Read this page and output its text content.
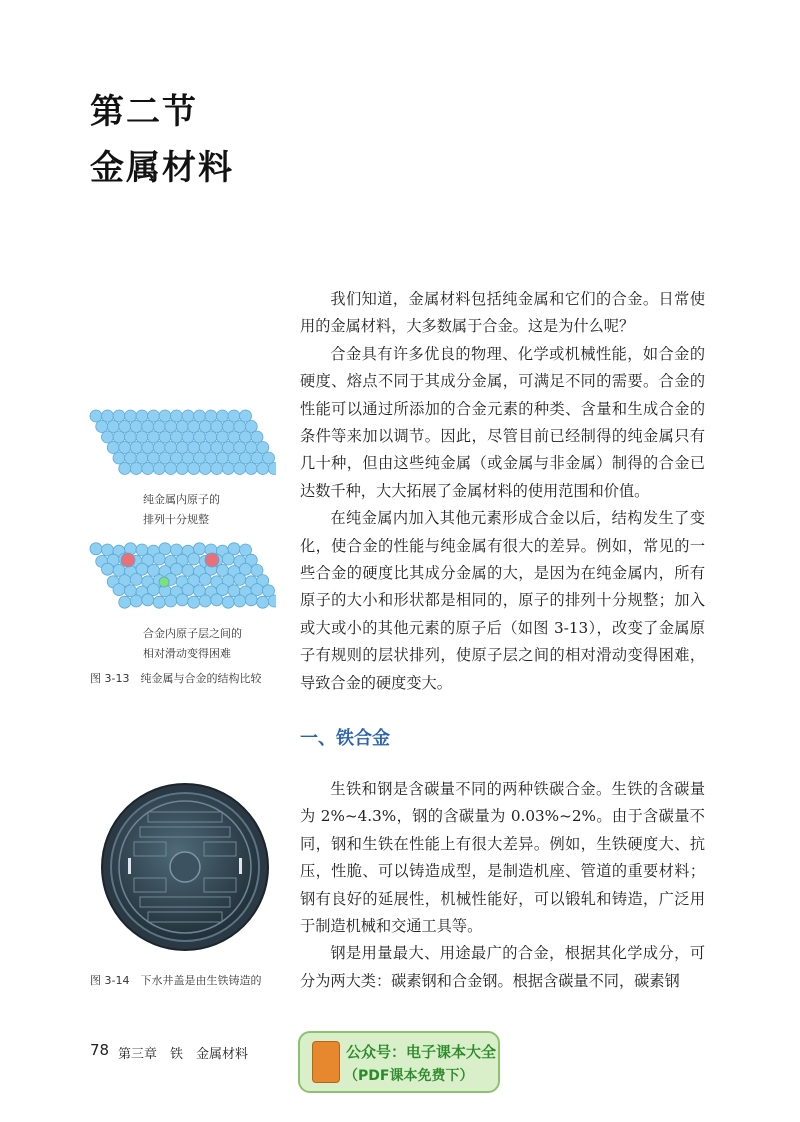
第二节
金属材料

我们知道，金属材料包括纯金属和它们的合金。日常使用的金属材料，大多数属于合金。这是为什么呢？

合金具有许多优良的物理、化学或机械性能，如合金的硬度、熔点不同于其成分金属，可满足不同的需要。合金的性能可以通过所添加的合金元素的种类、含量和生成合金的条件等来加以调节。因此，尽管目前已经制得的纯金属只有几十种，但由这些纯金属（或金属与非金属）制得的合金已达数千种，大大拓展了金属材料的使用范围和价值。

在纯金属内加入其他元素形成合金以后，结构发生了变化，使合金的性能与纯金属有很大的差异。例如，常见的一些合金的硬度比其成分金属的大，是因为在纯金属内，所有原子的大小和形状都是相同的，原子的排列十分规整；加入或大或小的其他元素的原子后（如图 3-13），改变了金属原子有规则的层状排列，使原子层之间的相对滑动变得困难，导致合金的硬度变大。

一、铁合金

生铁和钢是含碳量不同的两种铁碳合金。生铁的含碳量为 2%~4.3%，钢的含碳量为 0.03%~2%。由于含碳量不同，钢和生铁在性能上有很大差异。例如，生铁硬度大、抗压，性脆、可以铸造成型，是制造机座、管道的重要材料；钢有良好的延展性，机械性能好，可以锻轧和铸造，广泛用于制造机械和交通工具等。

钢是用量最大、用途最广的合金，根据其化学成分，可分为两大类：碳素钢和合金钢。根据含碳量不同，碳素钢

纯金属内原子的
排列十分规整
合金内原子层之间的
相对滑动变得困难
图 3-13　纯金属与合金的结构比较
图 3-14　下水井盖是由生铁铸造的
78 第三章　铁　金属材料	公众号：电子课本大全
（PDF课本免费下）
